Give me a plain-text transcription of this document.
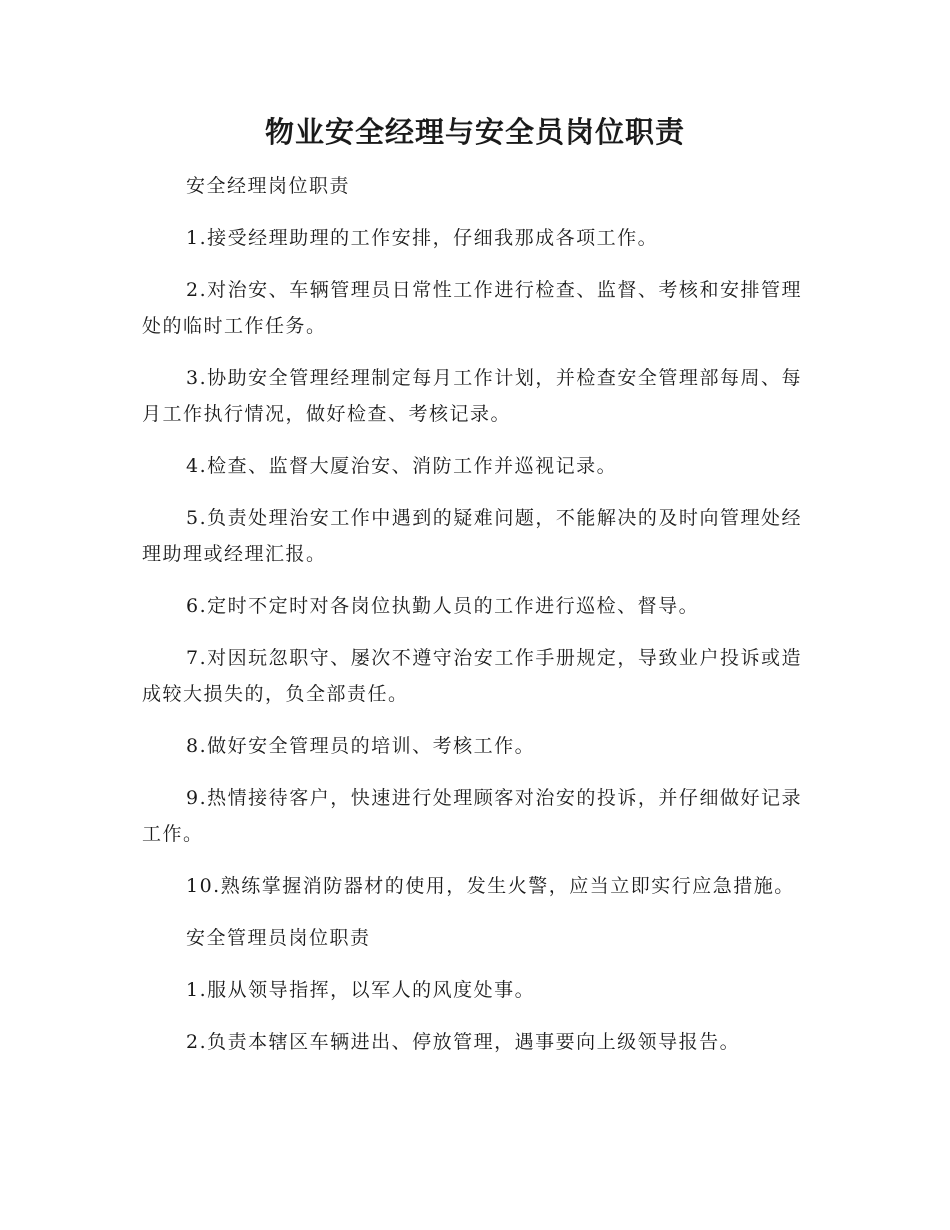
物业安全经理与安全员岗位职责

安全经理岗位职责

1.接受经理助理的工作安排，仔细我那成各项工作。

2.对治安、车辆管理员日常性工作进行检查、监督、考核和安排管理处的临时工作任务。

3.协助安全管理经理制定每月工作计划，并检查安全管理部每周、每月工作执行情况，做好检查、考核记录。

4.检查、监督大厦治安、消防工作并巡视记录。

5.负责处理治安工作中遇到的疑难问题，不能解决的及时向管理处经理助理或经理汇报。

6.定时不定时对各岗位执勤人员的工作进行巡检、督导。

7.对因玩忽职守、屡次不遵守治安工作手册规定，导致业户投诉或造成较大损失的，负全部责任。

8.做好安全管理员的培训、考核工作。

9.热情接待客户，快速进行处理顾客对治安的投诉，并仔细做好记录工作。

10.熟练掌握消防器材的使用，发生火警，应当立即实行应急措施。

安全管理员岗位职责

1.服从领导指挥，以军人的风度处事。

2.负责本辖区车辆进出、停放管理，遇事要向上级领导报告。
